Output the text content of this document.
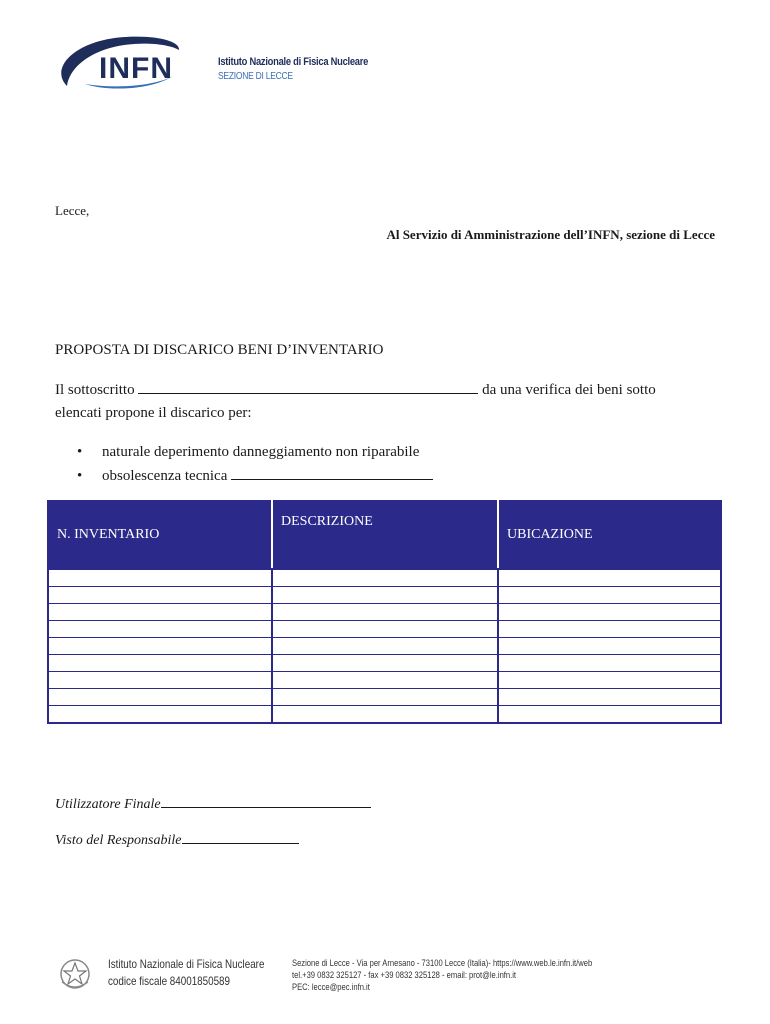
INFN	Istituto Nazionale di Fisica Nucleare
SEZIONE DI LECCE
Lecce,
Al Servizio di Amministrazione dell’INFN, sezione di Lecce
PROPOSTA DI DISCARICO BENI D’INVENTARIO
Il sottoscritto	da una verifica dei beni sotto
elencati propone il discarico per:
• naturale deperimento danneggiamento non riparabile
• obsolescenza tecnica
N. INVENTARIO	DESCRIZIONE	UBICAZIONE

Utilizzatore Finale
Visto del Responsabile
Istituto Nazionale di Fisica Nucleare
codice fiscale 84001850589
Sezione di Lecce - Via per Arnesano - 73100 Lecce (Italia)- https://www.web.le.infn.it/web
tel.+39 0832 325127 - fax +39 0832 325128 - email: prot@le.infn.it
PEC: lecce@pec.infn.it
